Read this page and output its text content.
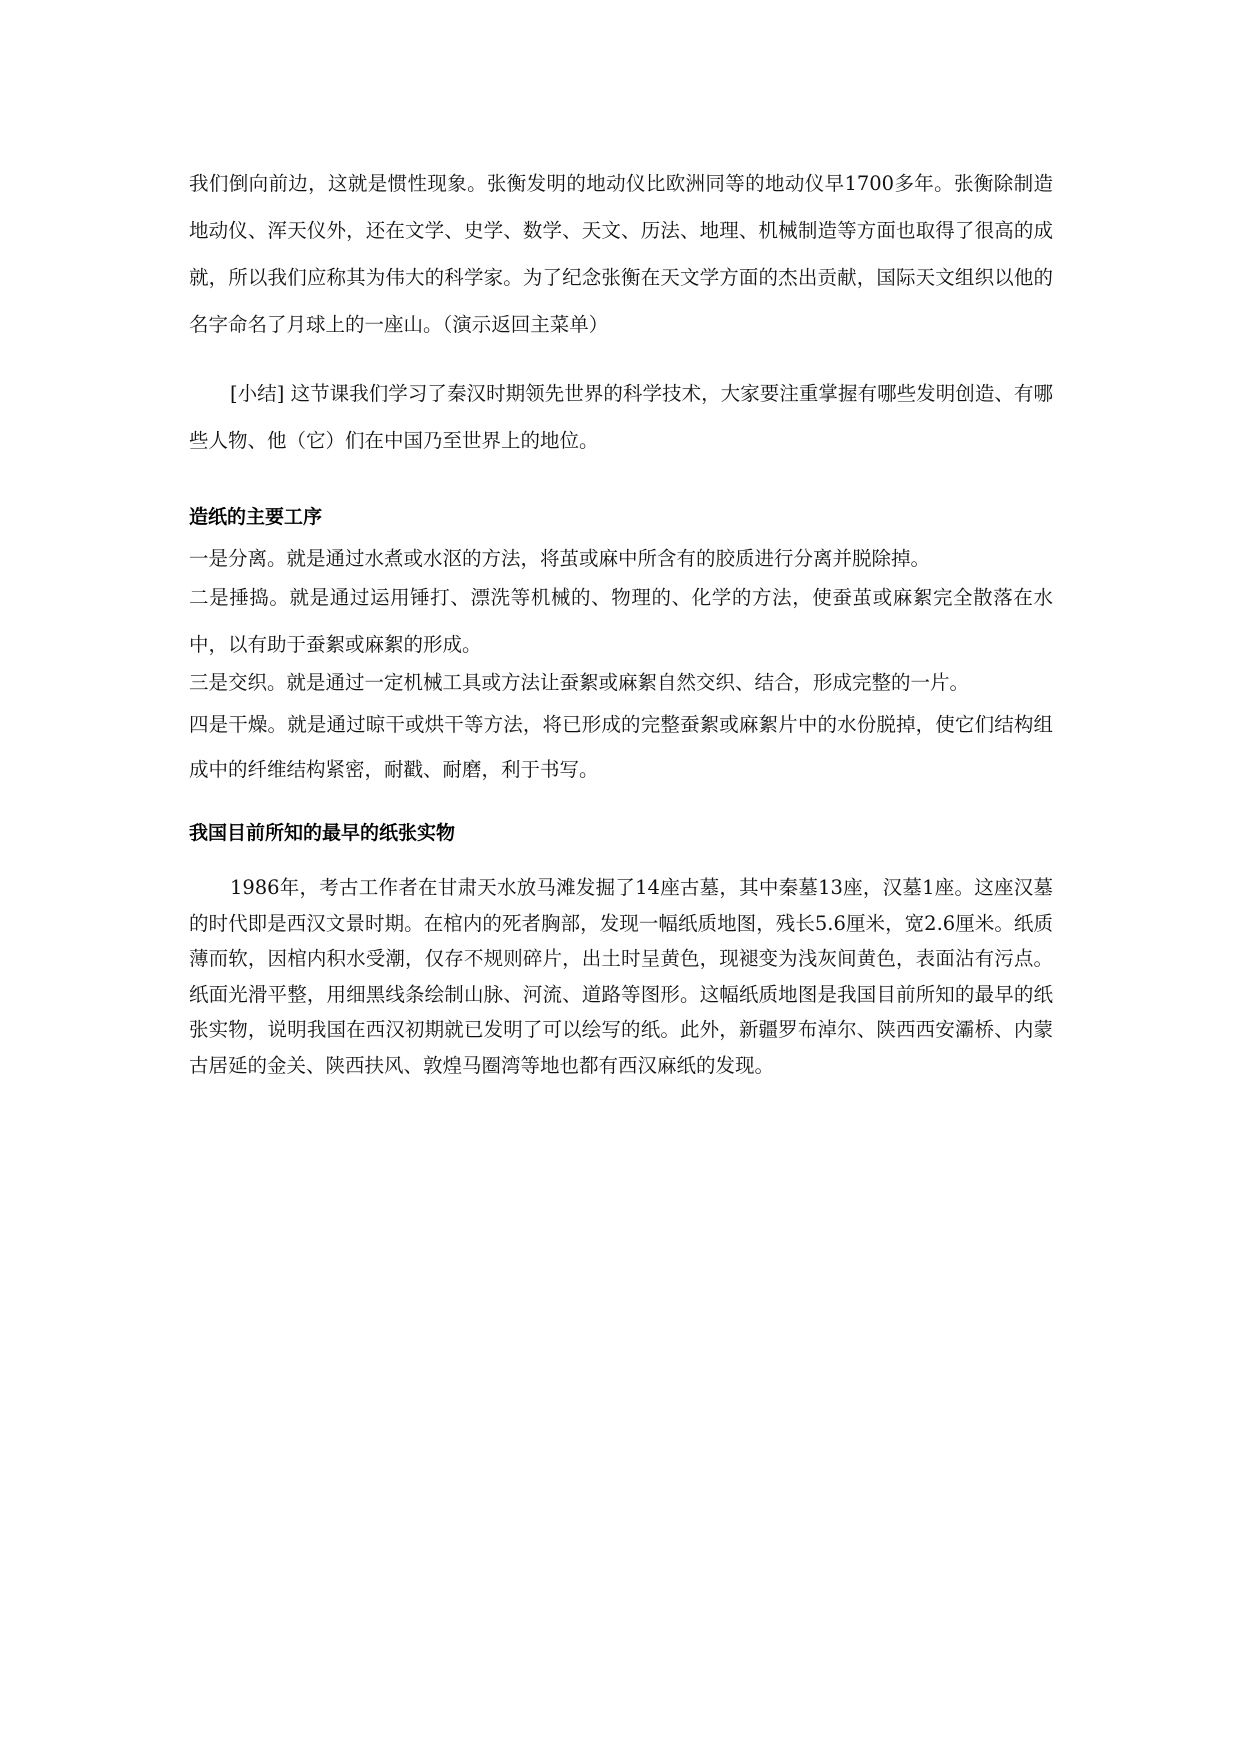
我们倒向前边，这就是惯性现象。张衡发明的地动仪比欧洲同等的地动仪早1700多年。张衡除制造地动仪、浑天仪外，还在文学、史学、数学、天文、历法、地理、机械制造等方面也取得了很高的成就，所以我们应称其为伟大的科学家。为了纪念张衡在天文学方面的杰出贡献，国际天文组织以他的名字命名了月球上的一座山。（演示返回主菜单）

[小结] 这节课我们学习了秦汉时期领先世界的科学技术，大家要注重掌握有哪些发明创造、有哪些人物、他（它）们在中国乃至世界上的地位。

造纸的主要工序

一是分离。就是通过水煮或水沤的方法，将茧或麻中所含有的胶质进行分离并脱除掉。

二是捶捣。就是通过运用锤打、漂洗等机械的、物理的、化学的方法，使蚕茧或麻絮完全散落在水中，以有助于蚕絮或麻絮的形成。

三是交织。就是通过一定机械工具或方法让蚕絮或麻絮自然交织、结合，形成完整的一片。

四是干燥。就是通过晾干或烘干等方法，将已形成的完整蚕絮或麻絮片中的水份脱掉，使它们结构组成中的纤维结构紧密，耐戳、耐磨，利于书写。

我国目前所知的最早的纸张实物

1986年，考古工作者在甘肃天水放马滩发掘了14座古墓，其中秦墓13座，汉墓1座。这座汉墓的时代即是西汉文景时期。在棺内的死者胸部，发现一幅纸质地图，残长5.6厘米，宽2.6厘米。纸质薄而软，因棺内积水受潮，仅存不规则碎片，出土时呈黄色，现褪变为浅灰间黄色，表面沾有污点。纸面光滑平整，用细黑线条绘制山脉、河流、道路等图形。这幅纸质地图是我国目前所知的最早的纸张实物，说明我国在西汉初期就已发明了可以绘写的纸。此外，新疆罗布淖尔、陕西西安灞桥、内蒙古居延的金关、陕西扶风、敦煌马圈湾等地也都有西汉麻纸的发现。
